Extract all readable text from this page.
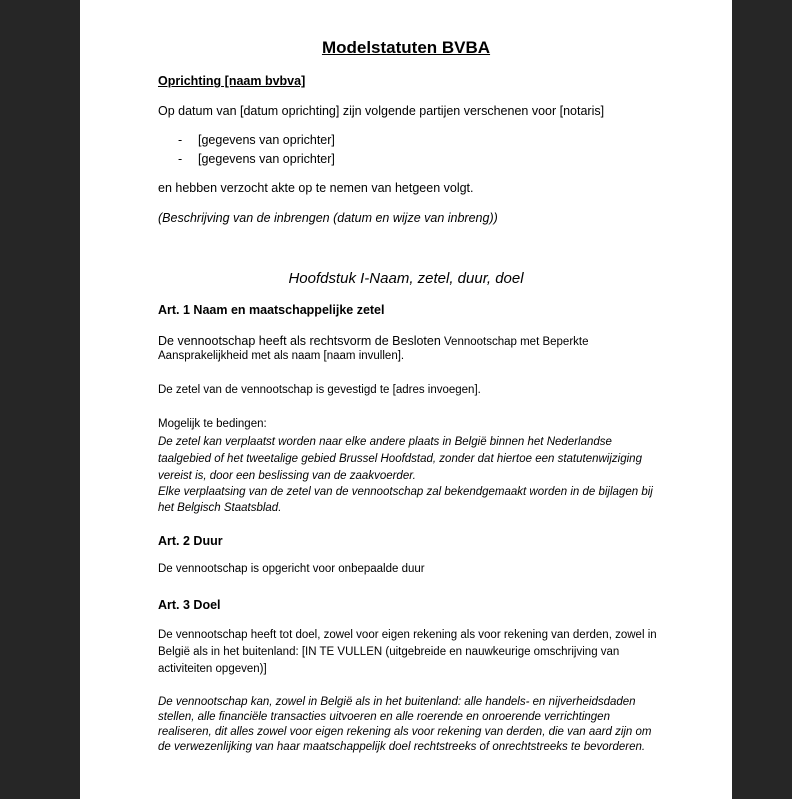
Modelstatuten BVBA
Oprichting [naam bvbva]
Op datum van [datum oprichting] zijn volgende partijen verschenen voor [notaris]
- [gegevens van oprichter]
- [gegevens van oprichter]
en hebben verzocht akte op te nemen van hetgeen volgt.
(Beschrijving van de inbrengen (datum en wijze van inbreng))
Hoofdstuk I-Naam, zetel, duur, doel
Art. 1 Naam en maatschappelijke zetel
De vennootschap heeft als rechtsvorm de Besloten Vennootschap met Beperkte
Aansprakelijkheid met als naam [naam invullen].
De zetel van de vennootschap is gevestigd te [adres invoegen].
Mogelijk te bedingen:
De zetel kan verplaatst worden naar elke andere plaats in België binnen het Nederlandse taalgebied of het tweetalige gebied Brussel Hoofdstad, zonder dat hiertoe een statutenwijziging vereist is, door een beslissing van de zaakvoerder.
Elke verplaatsing van de zetel van de vennootschap zal bekendgemaakt worden in de bijlagen bij het Belgisch Staatsblad.
Art. 2 Duur
De vennootschap is opgericht voor onbepaalde duur
Art. 3 Doel
De vennootschap heeft tot doel, zowel voor eigen rekening als voor rekening van derden, zowel in België als in het buitenland: [IN TE VULLEN (uitgebreide en nauwkeurige omschrijving van activiteiten opgeven)]
De vennootschap kan, zowel in België als in het buitenland: alle handels- en nijverheidsdaden stellen, alle financiële transacties uitvoeren en alle roerende en onroerende verrichtingen realiseren, dit alles zowel voor eigen rekening als voor rekening van derden, die van aard zijn om de verwezenlijking van haar maatschappelijk doel rechtstreeks of onrechtstreeks te bevorderen.
